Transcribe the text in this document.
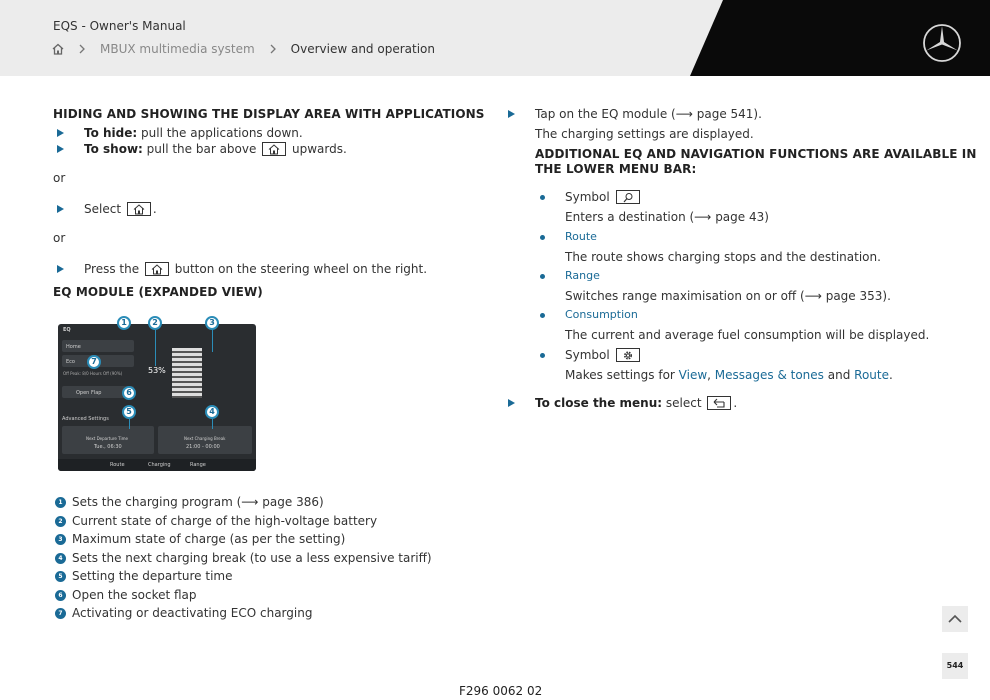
EQS - Owner's Manual
MBUX multimedia system	Overview and operation
HIDING AND SHOWING THE DISPLAY AREA WITH APPLICATIONS
To hide: pull the applications down.
To show: pull the bar above
upwards.
or
Select
.
or
Press the
button on the steering wheel on the right.
EQ MODULE (EXPANDED VIEW)
EQ
Home
Eco
Off Peak: 8/0 Hours Off (90%)
Open Flap
Advanced Settings
Next Departure Time
Tue., 06:30
Next Charging Break
21:00 - 00:00
53%
Route	Charging	Range
1	2	3
7
6
5	4
1 Sets the charging program (⟶ page 386)
2 Current state of charge of the high-voltage battery
3 Maximum state of charge (as per the setting)
4 Sets the next charging break (to use a less expensive tariff)
5 Setting the departure time
6 Open the socket flap
7 Activating or deactivating ECO charging
Tap on the EQ module (⟶ page 541).
The charging settings are displayed.
ADDITIONAL EQ AND NAVIGATION FUNCTIONS ARE AVAILABLE IN
THE LOWER MENU BAR:
Symbol
Enters a destination (⟶ page 43)
Route
The route shows charging stops and the destination.
Range
Switches range maximisation on or off (⟶ page 353).
Consumption
The current and average fuel consumption will be displayed.
Symbol
Makes settings for View, Messages & tones and Route.
To close the menu: select
.
544
F296 0062 02
